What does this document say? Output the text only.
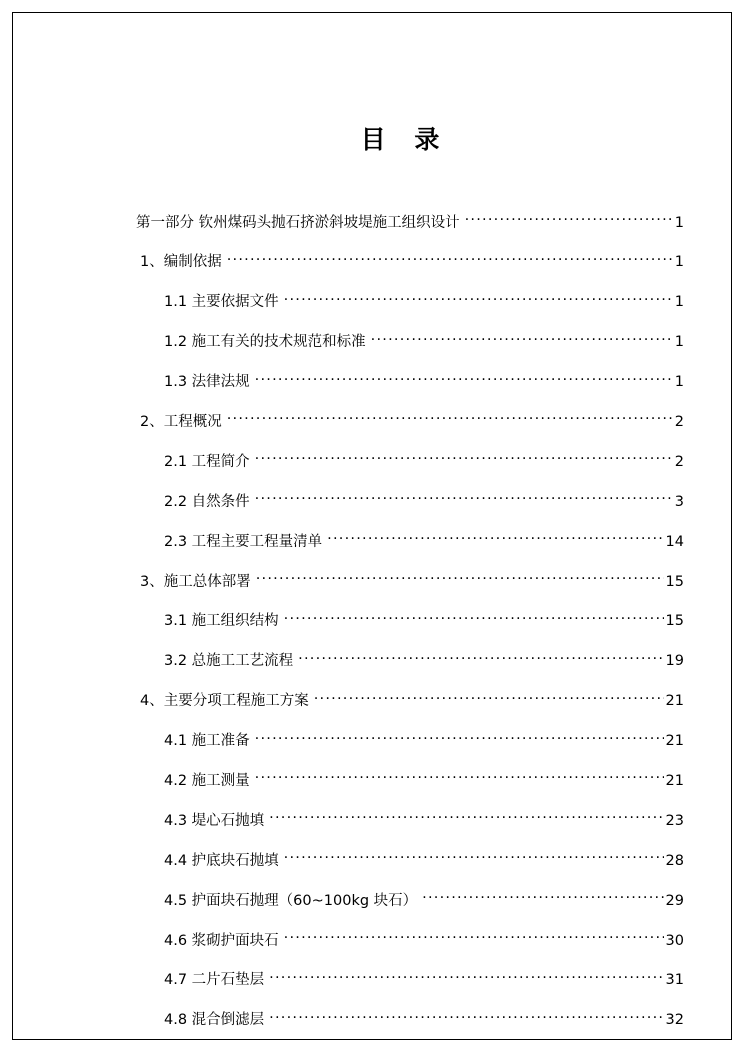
目 录
第一部分 钦州煤码头抛石挤淤斜坡堤施工组织设计 .....	1
1、编制依据 .....	1
1.1 主要依据文件 .....	1
1.2 施工有关的技术规范和标准 .....	1
1.3 法律法规 .....	1
2、工程概况 .....	2
2.1 工程简介 .....	2
2.2 自然条件 .....	3
2.3 工程主要工程量清单 .....	14
3、施工总体部署 .....	15
3.1 施工组织结构 .....	15
3.2 总施工工艺流程 .....	19
4、主要分项工程施工方案 .....	21
4.1 施工准备 .....	21
4.2 施工测量 .....	21
4.3 堤心石抛填 .....	23
4.4 护底块石抛填 .....	28
4.5 护面块石抛理（60~100kg 块石） .....	29
4.6 浆砌护面块石 .....	30
4.7 二片石垫层 .....	31
4.8 混合倒滤层 .....	32
